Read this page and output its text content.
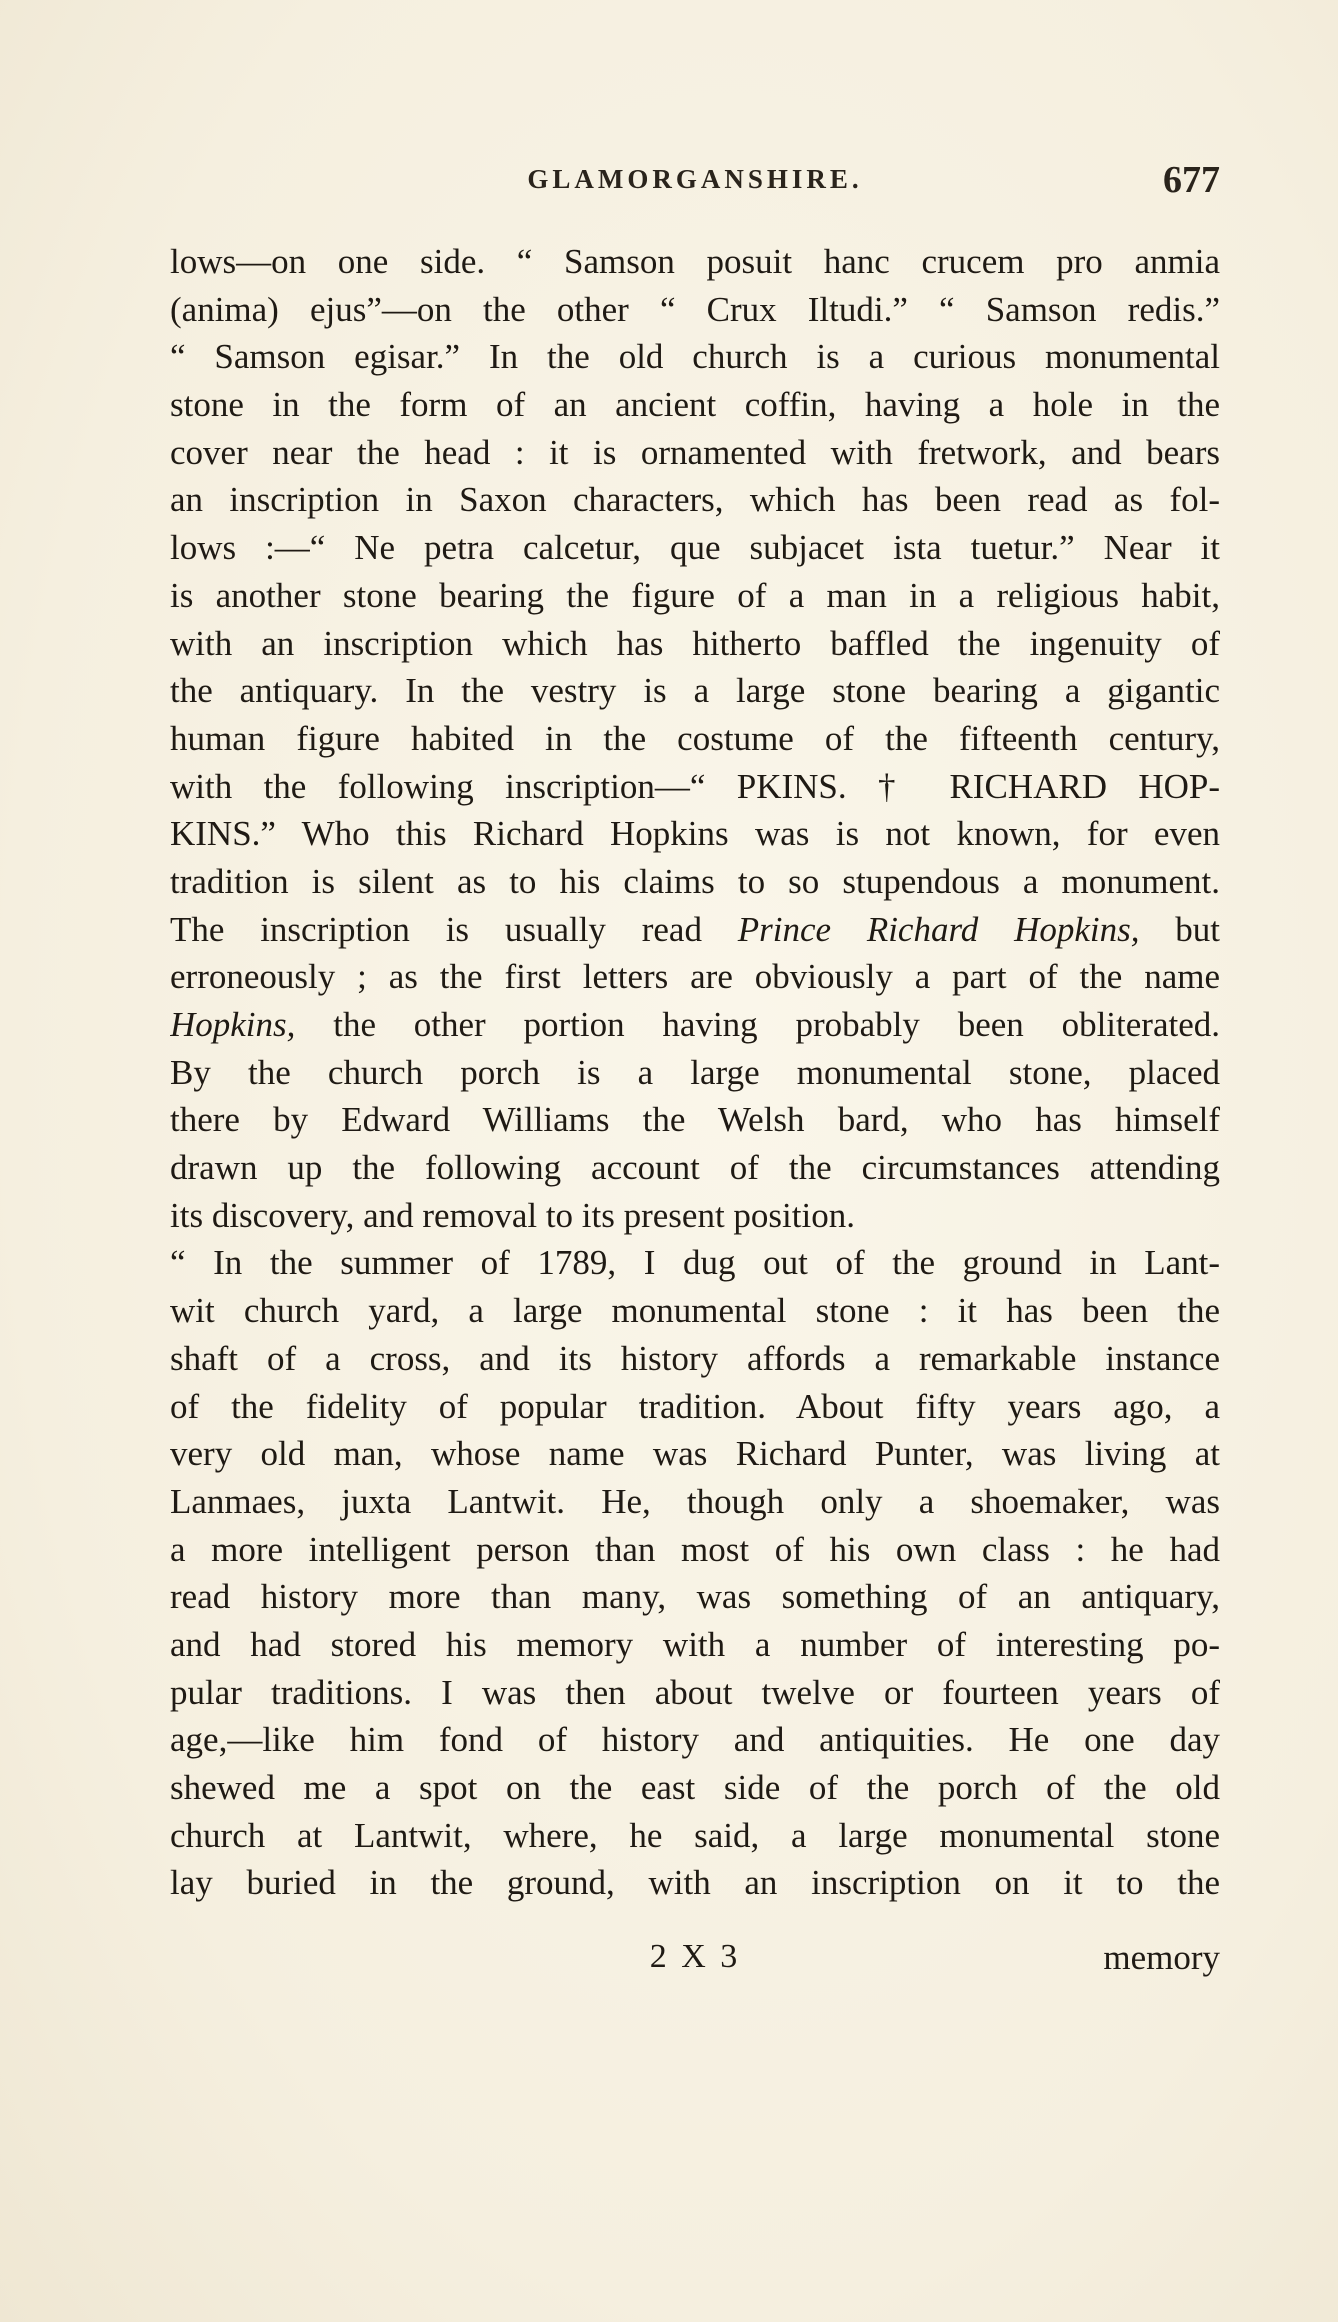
GLAMORGANSHIRE.	677
lows—on one side. “ Samson posuit hanc crucem pro anmia
(anima) ejus”—on the other “ Crux Iltudi.” “ Samson redis.”
“ Samson egisar.” In the old church is a curious monumental
stone in the form of an ancient coffin, having a hole in the
cover near the head : it is ornamented with fretwork, and bears
an inscription in Saxon characters, which has been read as fol-
lows :—“ Ne petra calcetur, que subjacet ista tuetur.” Near it
is another stone bearing the figure of a man in a religious habit,
with an inscription which has hitherto baffled the ingenuity of
the antiquary. In the vestry is a large stone bearing a gigantic
human figure habited in the costume of the fifteenth century,
with the following inscription—“ PKINS. † RICHARD HOP-
KINS.” Who this Richard Hopkins was is not known, for even
tradition is silent as to his claims to so stupendous a monument.
The inscription is usually read Prince Richard Hopkins, but
erroneously ; as the first letters are obviously a part of the name
Hopkins, the other portion having probably been obliterated.
By the church porch is a large monumental stone, placed
there by Edward Williams the Welsh bard, who has himself
drawn up the following account of the circumstances attending
its discovery, and removal to its present position.
“ In the summer of 1789, I dug out of the ground in Lant-
wit church yard, a large monumental stone : it has been the
shaft of a cross, and its history affords a remarkable instance
of the fidelity of popular tradition. About fifty years ago, a
very old man, whose name was Richard Punter, was living at
Lanmaes, juxta Lantwit. He, though only a shoemaker, was
a more intelligent person than most of his own class : he had
read history more than many, was something of an antiquary,
and had stored his memory with a number of interesting po-
pular traditions. I was then about twelve or fourteen years of
age,—like him fond of history and antiquities. He one day
shewed me a spot on the east side of the porch of the old
church at Lantwit, where, he said, a large monumental stone
lay buried in the ground, with an inscription on it to the
2 X 3	memory
